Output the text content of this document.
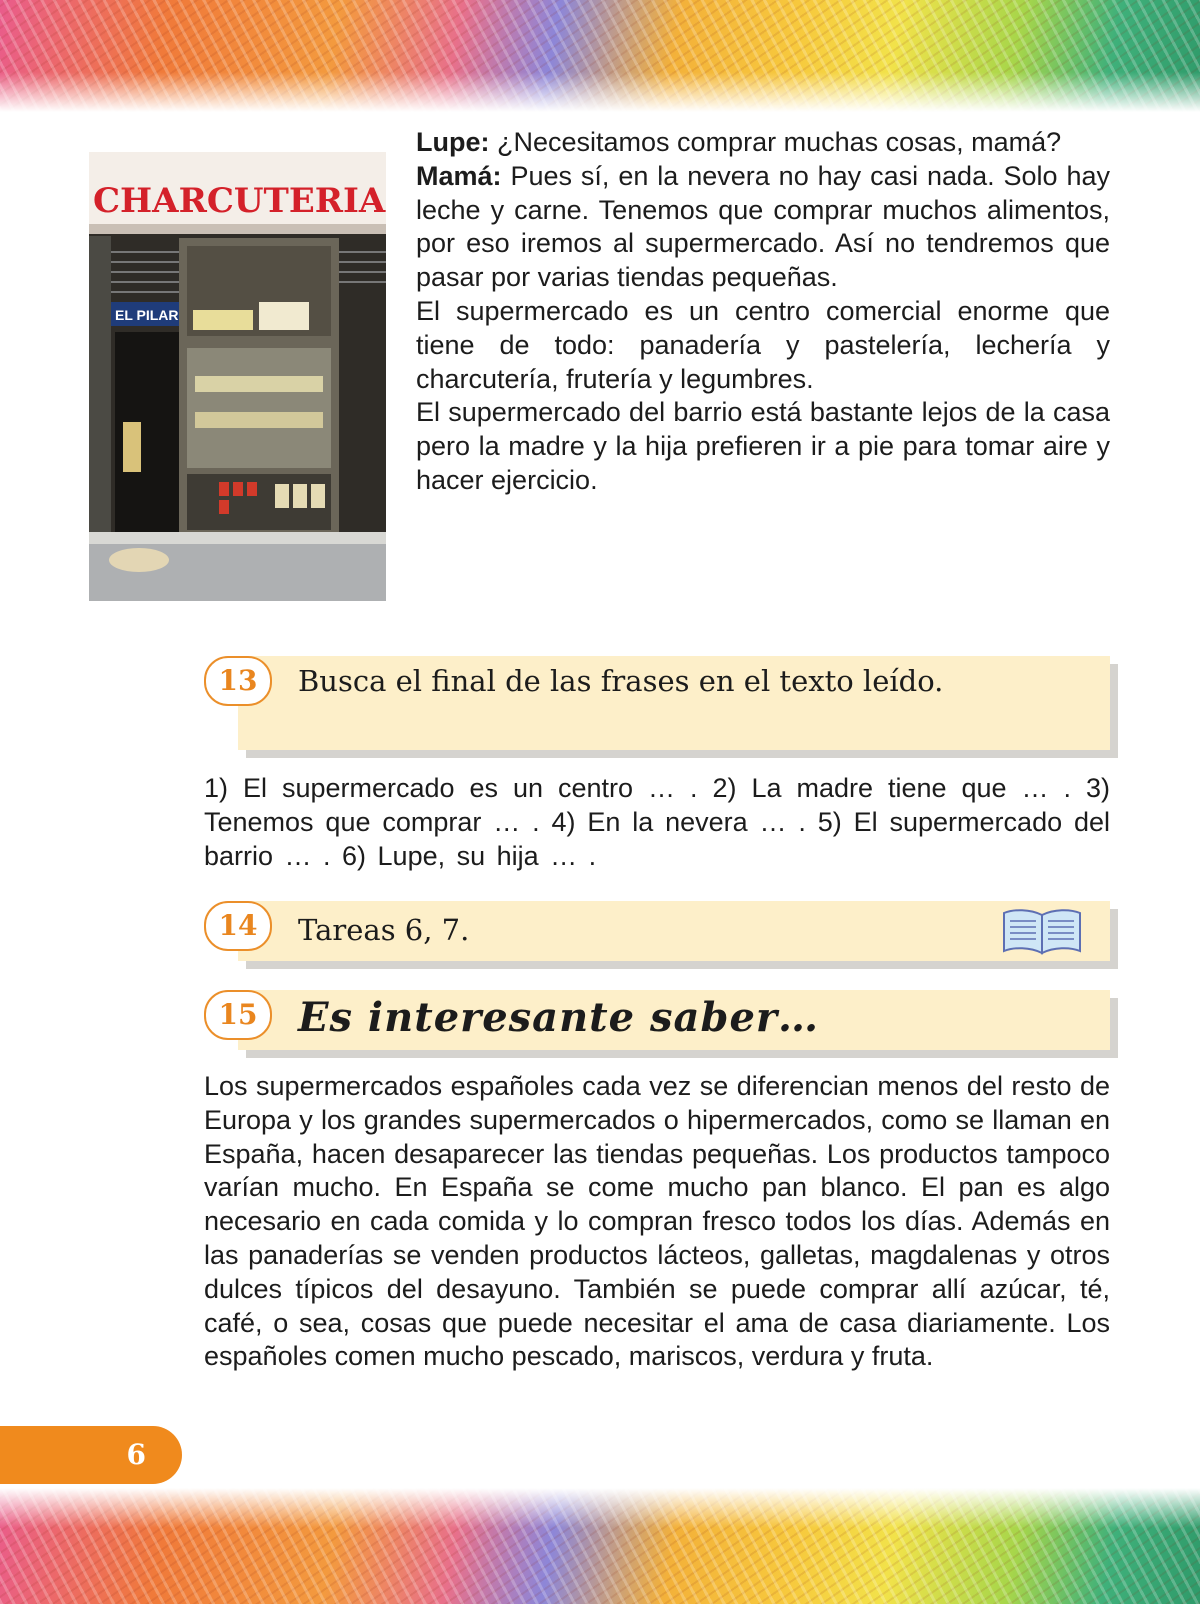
CHARCUTERIA
EL PILAR

Lupe: ¿Necesitamos comprar muchas cosas, mamá?

Mamá: Pues sí, en la nevera no hay casi nada. Solo hay leche y carne. Tenemos que comprar muchos alimentos, por eso iremos al supermercado. Así no tendremos que pasar por varias tiendas pequeñas.

El supermercado es un centro comercial enorme que tiene de todo: panadería y pastelería, lechería y charcutería, frutería y legumbres.

El supermercado del barrio está bastante lejos de la casa pero la madre y la hija prefieren ir a pie para tomar aire y hacer ejercicio.

13	Busca el final de las frases en el texto leído.

1) El supermercado es un centro … . 2) La madre tiene que … . 3) Tenemos que comprar … . 4) En la nevera … . 5) El supermercado del barrio … . 6) Lupe, su hija … .

14	Tareas 6, 7.
15	Es interesante saber…

Los supermercados españoles cada vez se diferencian menos del resto de Europa y los grandes supermercados o hipermercados, como se llaman en España, hacen desaparecer las tiendas pequeñas. Los productos tampoco varían mucho. En España se come mucho pan blanco. El pan es algo necesario en cada comida y lo compran fresco todos los días. Además en las panaderías se venden productos lácteos, galletas, magdalenas y otros dulces típicos del desayuno. También se puede comprar allí azúcar, té, café, o sea, cosas que puede necesitar el ama de casa diariamente. Los españoles comen mucho pescado, mariscos, verdura y fruta.

6
